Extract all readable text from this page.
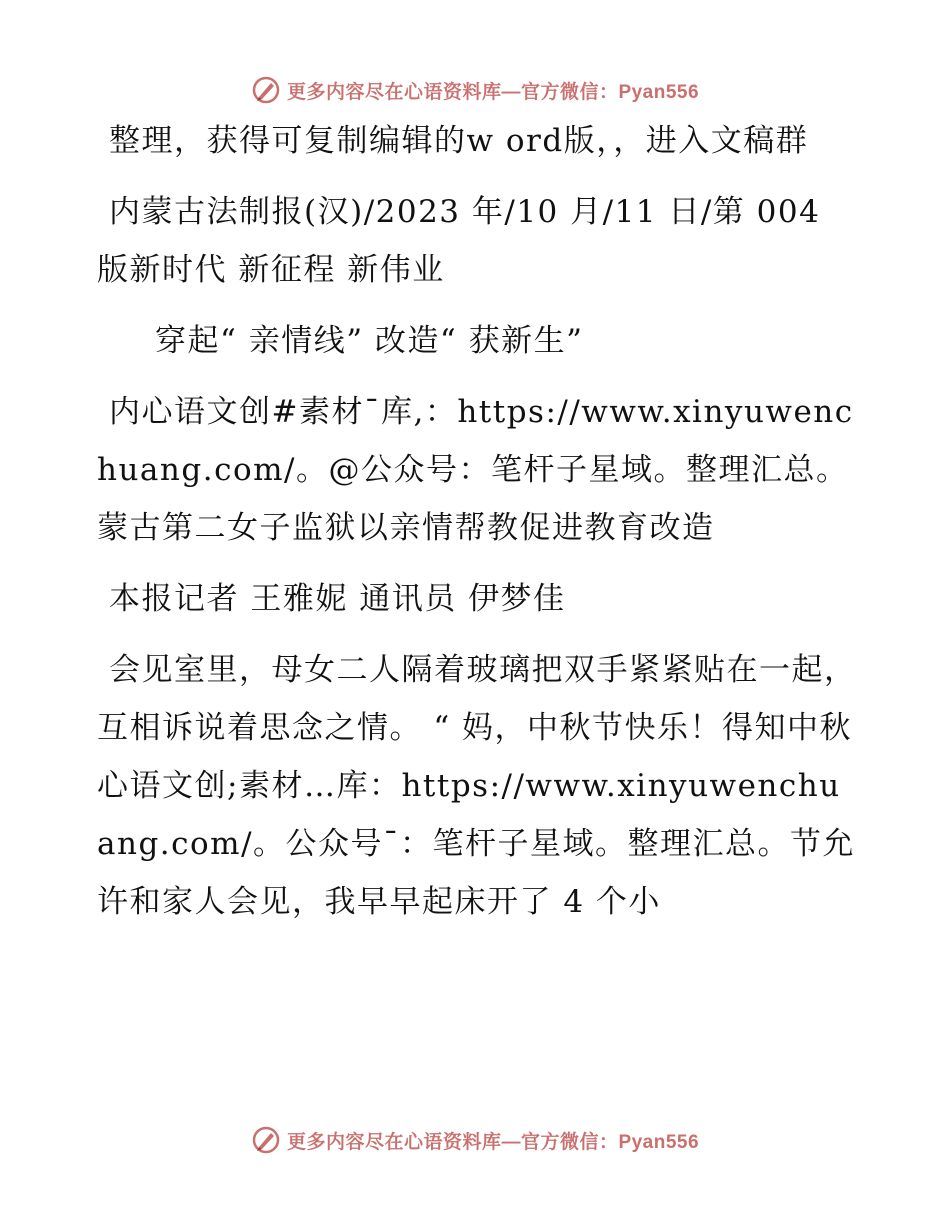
更多内容尽在心语资料库—官方微信：Pyan556

整理，获得可复制编辑的w ord版，，进入文稿群

内蒙古法制报(汉)/2023 年/10 月/11 日/第 004 版新时代 新征程 新伟业

穿起“ 亲情线” 改造“ 获新生”

内心语文创#素材¯库,：https://www.xinyuwenchuang.com/。@公众号：笔杆子星域。整理汇总。蒙古第二女子监狱以亲情帮教促进教育改造

本报记者 王雅妮 通讯员 伊梦佳

会见室里，母女二人隔着玻璃把双手紧紧贴在一起，互相诉说着思念之情。 “ 妈，中秋节快乐！得知中秋心语文创;素材…库：https://www.xinyuwenchuang.com/。公众号¯：笔杆子星域。整理汇总。节允许和家人会见，我早早起床开了 4 个小

更多内容尽在心语资料库—官方微信：Pyan556
